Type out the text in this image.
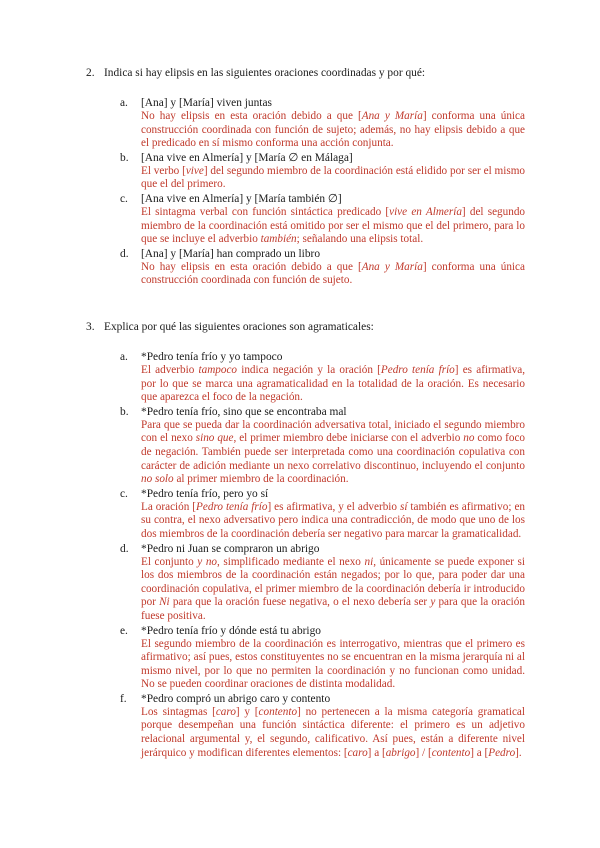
2. Indica si hay elipsis en las siguientes oraciones coordinadas y por qué:
a. [Ana] y [María] viven juntas
No hay elipsis en esta oración debido a que [Ana y María] conforma una única construcción coordinada con función de sujeto; además, no hay elipsis debido a que el predicado en sí mismo conforma una acción conjunta.
b. [Ana vive en Almería] y [María ∅ en Málaga]
El verbo [vive] del segundo miembro de la coordinación está elidido por ser el mismo que el del primero.
c. [Ana vive en Almería] y [María también ∅]
El sintagma verbal con función sintáctica predicado [vive en Almería] del segundo miembro de la coordinación está omitido por ser el mismo que el del primero, para lo que se incluye el adverbio también; señalando una elipsis total.
d. [Ana] y [María] han comprado un libro
No hay elipsis en esta oración debido a que [Ana y María] conforma una única construcción coordinada con función de sujeto.
3. Explica por qué las siguientes oraciones son agramaticales:
a. *Pedro tenía frío y yo tampoco
El adverbio tampoco indica negación y la oración [Pedro tenía frío] es afirmativa, por lo que se marca una agramaticalidad en la totalidad de la oración. Es necesario que aparezca el foco de la negación.
b. *Pedro tenía frío, sino que se encontraba mal
Para que se pueda dar la coordinación adversativa total, iniciado el segundo miembro con el nexo sino que, el primer miembro debe iniciarse con el adverbio no como foco de negación. También puede ser interpretada como una coordinación copulativa con carácter de adición mediante un nexo correlativo discontinuo, incluyendo el conjunto no solo al primer miembro de la coordinación.
c. *Pedro tenía frío, pero yo sí
La oración [Pedro tenía frío] es afirmativa, y el adverbio sí también es afirmativo; en su contra, el nexo adversativo pero indica una contradicción, de modo que uno de los dos miembros de la coordinación debería ser negativo para marcar la gramaticalidad.
d. *Pedro ni Juan se compraron un abrigo
El conjunto y no, simplificado mediante el nexo ni, únicamente se puede exponer si los dos miembros de la coordinación están negados; por lo que, para poder dar una coordinación copulativa, el primer miembro de la coordinación debería ir introducido por Ni para que la oración fuese negativa, o el nexo debería ser y para que la oración fuese positiva.
e. *Pedro tenía frío y dónde está tu abrigo
El segundo miembro de la coordinación es interrogativo, mientras que el primero es afirmativo; así pues, estos constituyentes no se encuentran en la misma jerarquía ni al mismo nivel, por lo que no permiten la coordinación y no funcionan como unidad. No se pueden coordinar oraciones de distinta modalidad.
f. *Pedro compró un abrigo caro y contento
Los sintagmas [caro] y [contento] no pertenecen a la misma categoría gramatical porque desempeñan una función sintáctica diferente: el primero es un adjetivo relacional argumental y, el segundo, calificativo. Así pues, están a diferente nivel jerárquico y modifican diferentes elementos: [caro] a [abrigo] / [contento] a [Pedro].
